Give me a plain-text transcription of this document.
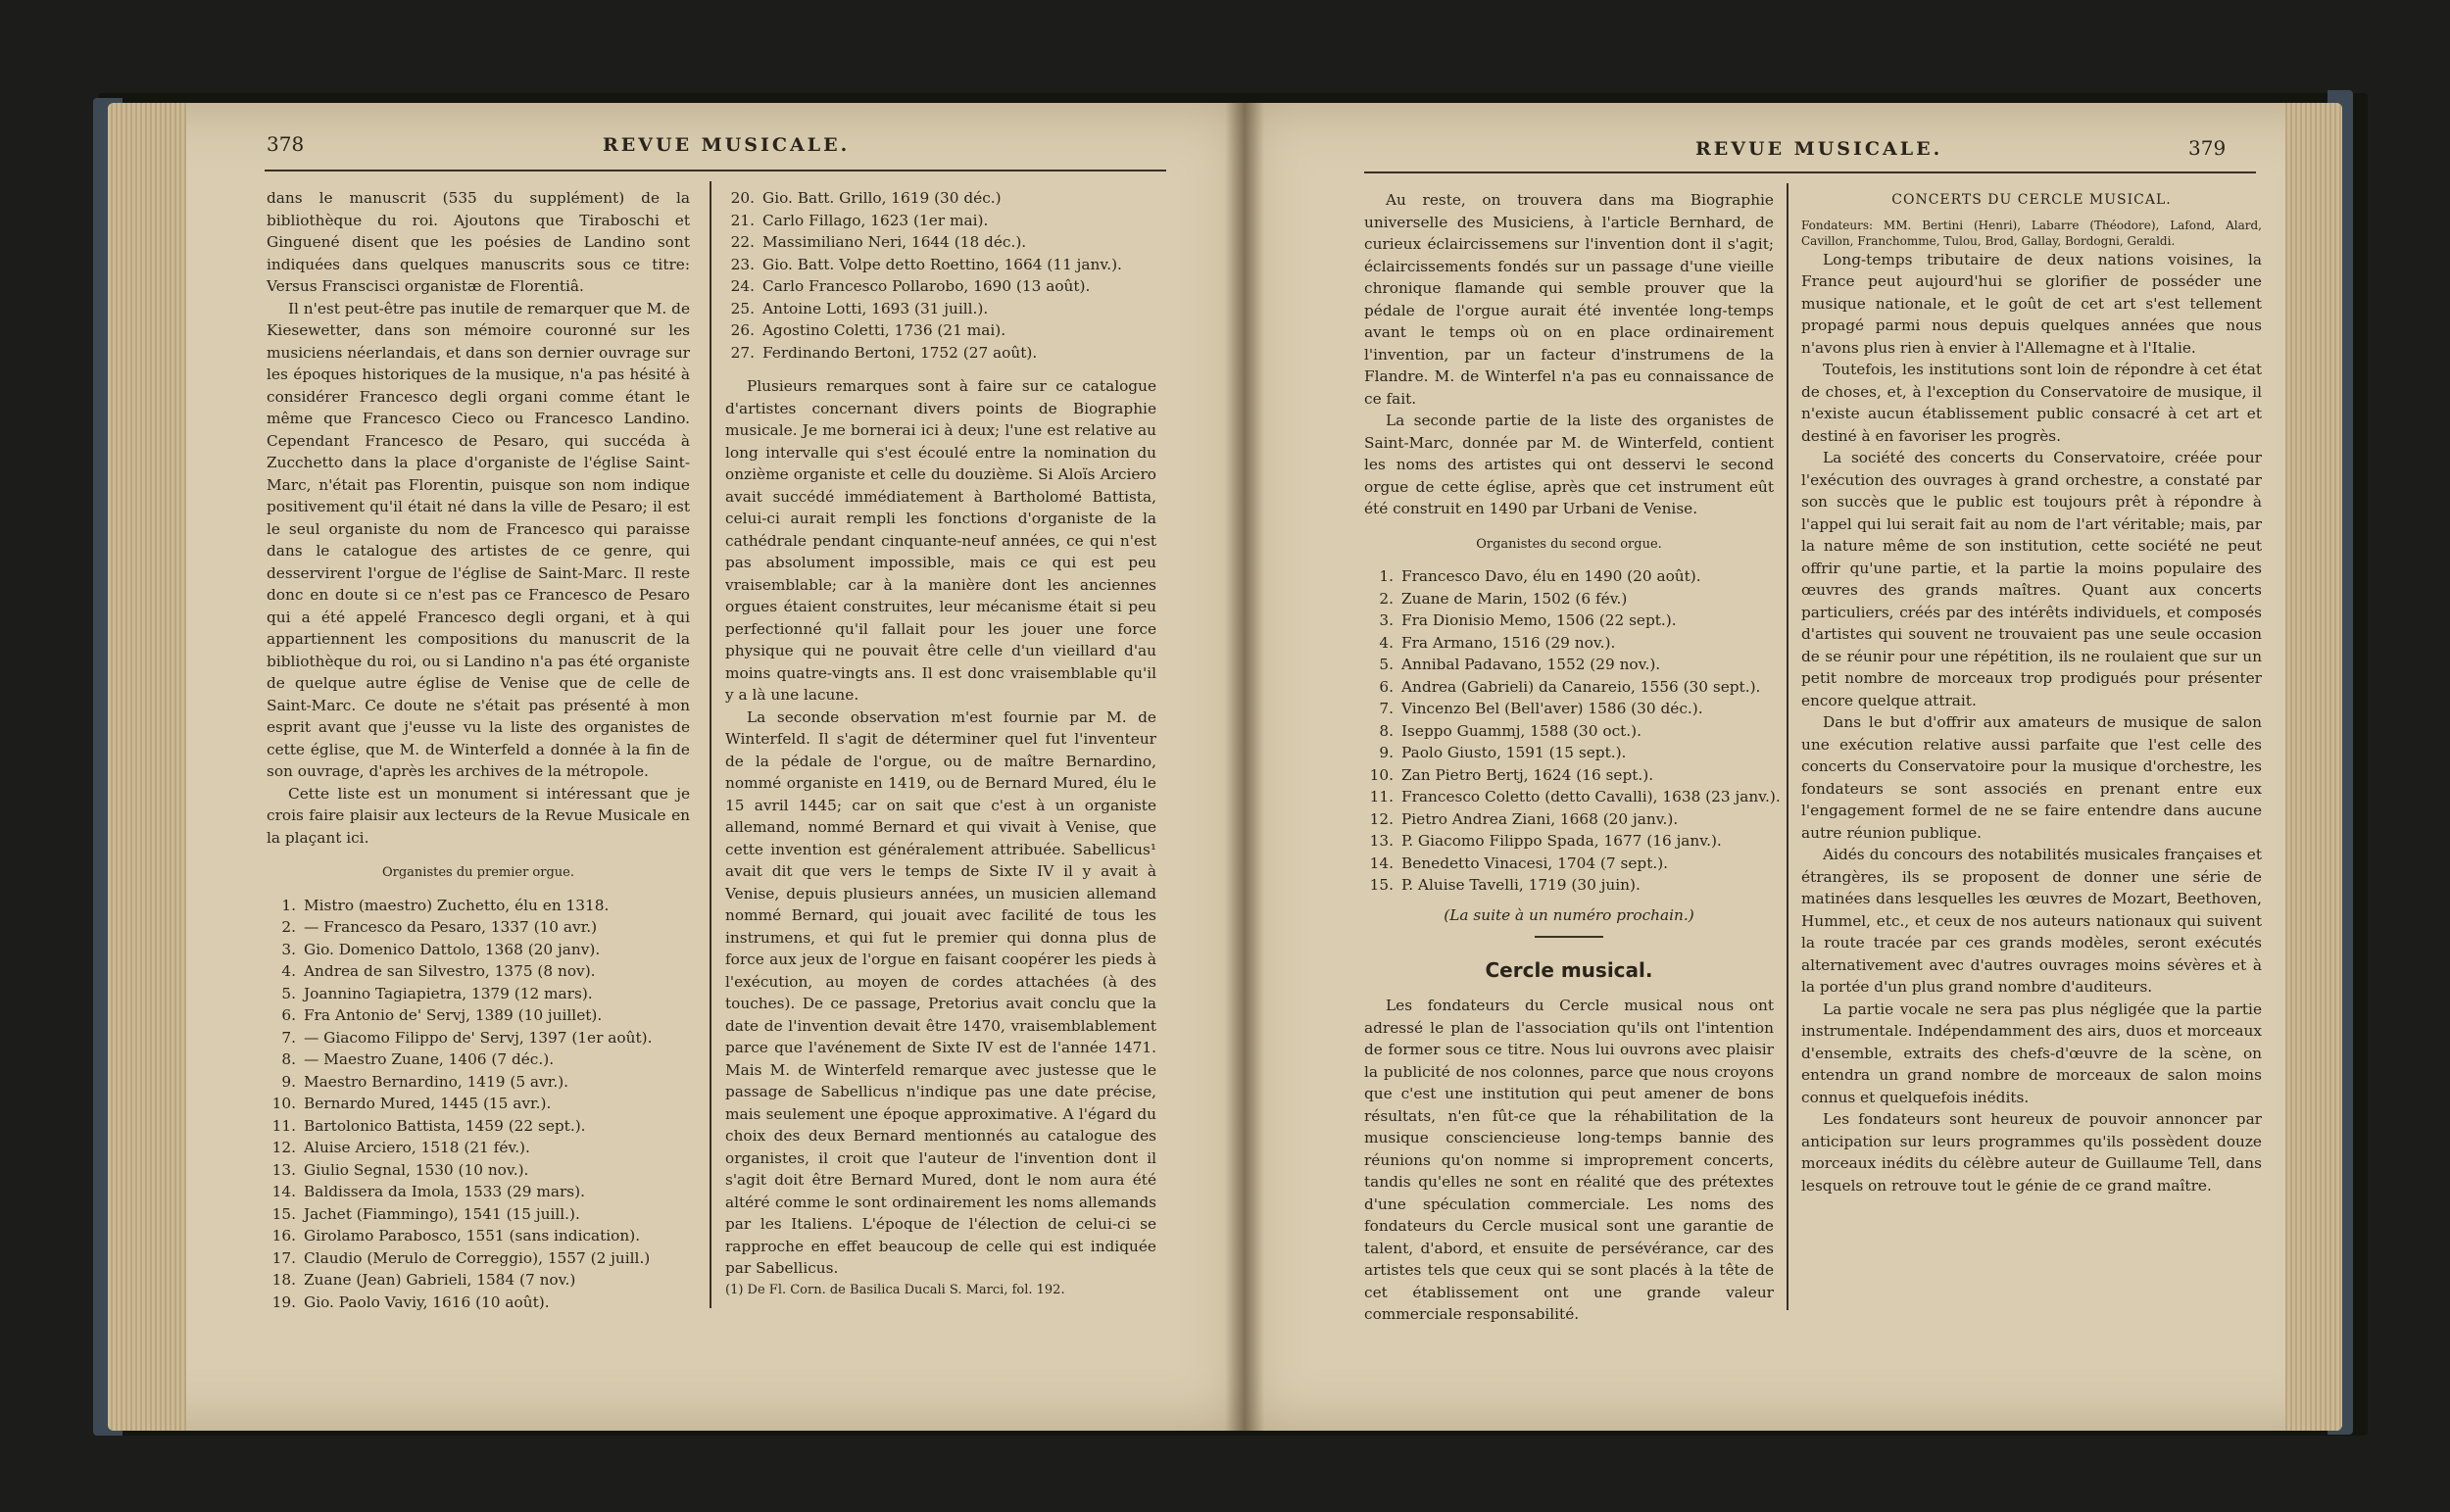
378	REVUE MUSICALE.

dans le manuscrit (535 du supplément) de la bibliothèque du roi. Ajoutons que Tiraboschi et Ginguené disent que les poésies de Landino sont indiquées dans quelques manuscrits sous ce titre: Versus Franscisci organistæ de Florentiâ.

Il n'est peut-être pas inutile de remarquer que M. de Kiesewetter, dans son mémoire couronné sur les musiciens néerlandais, et dans son dernier ouvrage sur les époques historiques de la musique, n'a pas hésité à considérer Francesco degli organi comme étant le même que Francesco Cieco ou Francesco Landino. Cependant Francesco de Pesaro, qui succéda à Zucchetto dans la place d'organiste de l'église Saint-Marc, n'était pas Florentin, puisque son nom indique positivement qu'il était né dans la ville de Pesaro; il est le seul organiste du nom de Francesco qui paraisse dans le catalogue des artistes de ce genre, qui desservirent l'orgue de l'église de Saint-Marc. Il reste donc en doute si ce n'est pas ce Francesco de Pesaro qui a été appelé Francesco degli organi, et à qui appartiennent les compositions du manuscrit de la bibliothèque du roi, ou si Landino n'a pas été organiste de quelque autre église de Venise que de celle de Saint-Marc. Ce doute ne s'était pas présenté à mon esprit avant que j'eusse vu la liste des organistes de cette église, que M. de Winterfeld a donnée à la fin de son ouvrage, d'après les archives de la métropole.

Cette liste est un monument si intéressant que je crois faire plaisir aux lecteurs de la Revue Musicale en la plaçant ici.

Organistes du premier orgue.
1. Mistro (maestro) Zuchetto, élu en 1318.
2. — Francesco da Pesaro, 1337 (10 avr.)
3. Gio. Domenico Dattolo, 1368 (20 janv).
4. Andrea de san Silvestro, 1375 (8 nov).
5. Joannino Tagiapietra, 1379 (12 mars).
6. Fra Antonio de' Servj, 1389 (10 juillet).
7. — Giacomo Filippo de' Servj, 1397 (1er août).
8. — Maestro Zuane, 1406 (7 déc.).
9. Maestro Bernardino, 1419 (5 avr.).
10. Bernardo Mured, 1445 (15 avr.).
11. Bartolonico Battista, 1459 (22 sept.).
12. Aluise Arciero, 1518 (21 fév.).
13. Giulio Segnal, 1530 (10 nov.).
14. Baldissera da Imola, 1533 (29 mars).
15. Jachet (Fiammingo), 1541 (15 juill.).
16. Girolamo Parabosco, 1551 (sans indication).
17. Claudio (Merulo de Correggio), 1557 (2 juill.)
18. Zuane (Jean) Gabrieli, 1584 (7 nov.)
19. Gio. Paolo Vaviy, 1616 (10 août).
20. Gio. Batt. Grillo, 1619 (30 déc.)
21. Carlo Fillago, 1623 (1er mai).
22. Massimiliano Neri, 1644 (18 déc.).
23. Gio. Batt. Volpe detto Roettino, 1664 (11 janv.).
24. Carlo Francesco Pollarobo, 1690 (13 août).
25. Antoine Lotti, 1693 (31 juill.).
26. Agostino Coletti, 1736 (21 mai).
27. Ferdinando Bertoni, 1752 (27 août).

Plusieurs remarques sont à faire sur ce catalogue d'artistes concernant divers points de Biographie musicale. Je me bornerai ici à deux; l'une est relative au long intervalle qui s'est écoulé entre la nomination du onzième organiste et celle du douzième. Si Aloïs Arciero avait succédé immédiatement à Bartholomé Battista, celui-ci aurait rempli les fonctions d'organiste de la cathédrale pendant cinquante-neuf années, ce qui n'est pas absolument impossible, mais ce qui est peu vraisemblable; car à la manière dont les anciennes orgues étaient construites, leur mécanisme était si peu perfectionné qu'il fallait pour les jouer une force physique qui ne pouvait être celle d'un vieillard d'au moins quatre-vingts ans. Il est donc vraisemblable qu'il y a là une lacune.

La seconde observation m'est fournie par M. de Winterfeld. Il s'agit de déterminer quel fut l'inventeur de la pédale de l'orgue, ou de maître Bernardino, nommé organiste en 1419, ou de Bernard Mured, élu le 15 avril 1445; car on sait que c'est à un organiste allemand, nommé Bernard et qui vivait à Venise, que cette invention est généralement attribuée. Sabellicus¹ avait dit que vers le temps de Sixte IV il y avait à Venise, depuis plusieurs années, un musicien allemand nommé Bernard, qui jouait avec facilité de tous les instrumens, et qui fut le premier qui donna plus de force aux jeux de l'orgue en faisant coopérer les pieds à l'exécution, au moyen de cordes attachées (à des touches). De ce passage, Pretorius avait conclu que la date de l'invention devait être 1470, vraisemblablement parce que l'avénement de Sixte IV est de l'année 1471. Mais M. de Winterfeld remarque avec justesse que le passage de Sabellicus n'indique pas une date précise, mais seulement une époque approximative. A l'égard du choix des deux Bernard mentionnés au catalogue des organistes, il croit que l'auteur de l'invention dont il s'agit doit être Bernard Mured, dont le nom aura été altéré comme le sont ordinairement les noms allemands par les Italiens. L'époque de l'élection de celui-ci se rapproche en effet beaucoup de celle qui est indiquée par Sabellicus.

(1) De Fl. Corn. de Basilica Ducali S. Marci, fol. 192.

REVUE MUSICALE.	379

Au reste, on trouvera dans ma Biographie universelle des Musiciens, à l'article Bernhard, de curieux éclaircissemens sur l'invention dont il s'agit; éclaircissements fondés sur un passage d'une vieille chronique flamande qui semble prouver que la pédale de l'orgue aurait été inventée long-temps avant le temps où on en place ordinairement l'invention, par un facteur d'instrumens de la Flandre. M. de Winterfel n'a pas eu connaissance de ce fait.

La seconde partie de la liste des organistes de Saint-Marc, donnée par M. de Winterfeld, contient les noms des artistes qui ont desservi le second orgue de cette église, après que cet instrument eût été construit en 1490 par Urbani de Venise.

Organistes du second orgue.
1. Francesco Davo, élu en 1490 (20 août).
2. Zuane de Marin, 1502 (6 fév.)
3. Fra Dionisio Memo, 1506 (22 sept.).
4. Fra Armano, 1516 (29 nov.).
5. Annibal Padavano, 1552 (29 nov.).
6. Andrea (Gabrieli) da Canareio, 1556 (30 sept.).
7. Vincenzo Bel (Bell'aver) 1586 (30 déc.).
8. Iseppo Guammj, 1588 (30 oct.).
9. Paolo Giusto, 1591 (15 sept.).
10. Zan Pietro Bertj, 1624 (16 sept.).
11. Francesco Coletto (detto Cavalli), 1638 (23 janv.).
12. Pietro Andrea Ziani, 1668 (20 janv.).
13. P. Giacomo Filippo Spada, 1677 (16 janv.).
14. Benedetto Vinacesi, 1704 (7 sept.).
15. P. Aluise Tavelli, 1719 (30 juin).
(La suite à un numéro prochain.)
Cercle musical.

Les fondateurs du Cercle musical nous ont adressé le plan de l'association qu'ils ont l'intention de former sous ce titre. Nous lui ouvrons avec plaisir la publicité de nos colonnes, parce que nous croyons que c'est une institution qui peut amener de bons résultats, n'en fût-ce que la réhabilitation de la musique consciencieuse long-temps bannie des réunions qu'on nomme si improprement concerts, tandis qu'elles ne sont en réalité que des prétextes d'une spéculation commerciale. Les noms des fondateurs du Cercle musical sont une garantie de talent, d'abord, et ensuite de persévérance, car des artistes tels que ceux qui se sont placés à la tête de cet établissement ont une grande valeur commerciale responsabilité.

CONCERTS DU CERCLE MUSICAL.

Fondateurs: MM. Bertini (Henri), Labarre (Théodore), Lafond, Alard, Cavillon, Franchomme, Tulou, Brod, Gallay, Bordogni, Geraldi.

Long-temps tributaire de deux nations voisines, la France peut aujourd'hui se glorifier de posséder une musique nationale, et le goût de cet art s'est tellement propagé parmi nous depuis quelques années que nous n'avons plus rien à envier à l'Allemagne et à l'Italie.

Toutefois, les institutions sont loin de répondre à cet état de choses, et, à l'exception du Conservatoire de musique, il n'existe aucun établissement public consacré à cet art et destiné à en favoriser les progrès.

La société des concerts du Conservatoire, créée pour l'exécution des ouvrages à grand orchestre, a constaté par son succès que le public est toujours prêt à répondre à l'appel qui lui serait fait au nom de l'art véritable; mais, par la nature même de son institution, cette société ne peut offrir qu'une partie, et la partie la moins populaire des œuvres des grands maîtres. Quant aux concerts particuliers, créés par des intérêts individuels, et composés d'artistes qui souvent ne trouvaient pas une seule occasion de se réunir pour une répétition, ils ne roulaient que sur un petit nombre de morceaux trop prodigués pour présenter encore quelque attrait.

Dans le but d'offrir aux amateurs de musique de salon une exécution relative aussi parfaite que l'est celle des concerts du Conservatoire pour la musique d'orchestre, les fondateurs se sont associés en prenant entre eux l'engagement formel de ne se faire entendre dans aucune autre réunion publique.

Aidés du concours des notabilités musicales françaises et étrangères, ils se proposent de donner une série de matinées dans lesquelles les œuvres de Mozart, Beethoven, Hummel, etc., et ceux de nos auteurs nationaux qui suivent la route tracée par ces grands modèles, seront exécutés alternativement avec d'autres ouvrages moins sévères et à la portée d'un plus grand nombre d'auditeurs.

La partie vocale ne sera pas plus négligée que la partie instrumentale. Indépendamment des airs, duos et morceaux d'ensemble, extraits des chefs-d'œuvre de la scène, on entendra un grand nombre de morceaux de salon moins connus et quelquefois inédits.

Les fondateurs sont heureux de pouvoir annoncer par anticipation sur leurs programmes qu'ils possèdent douze morceaux inédits du célèbre auteur de Guillaume Tell, dans lesquels on retrouve tout le génie de ce grand maître.
